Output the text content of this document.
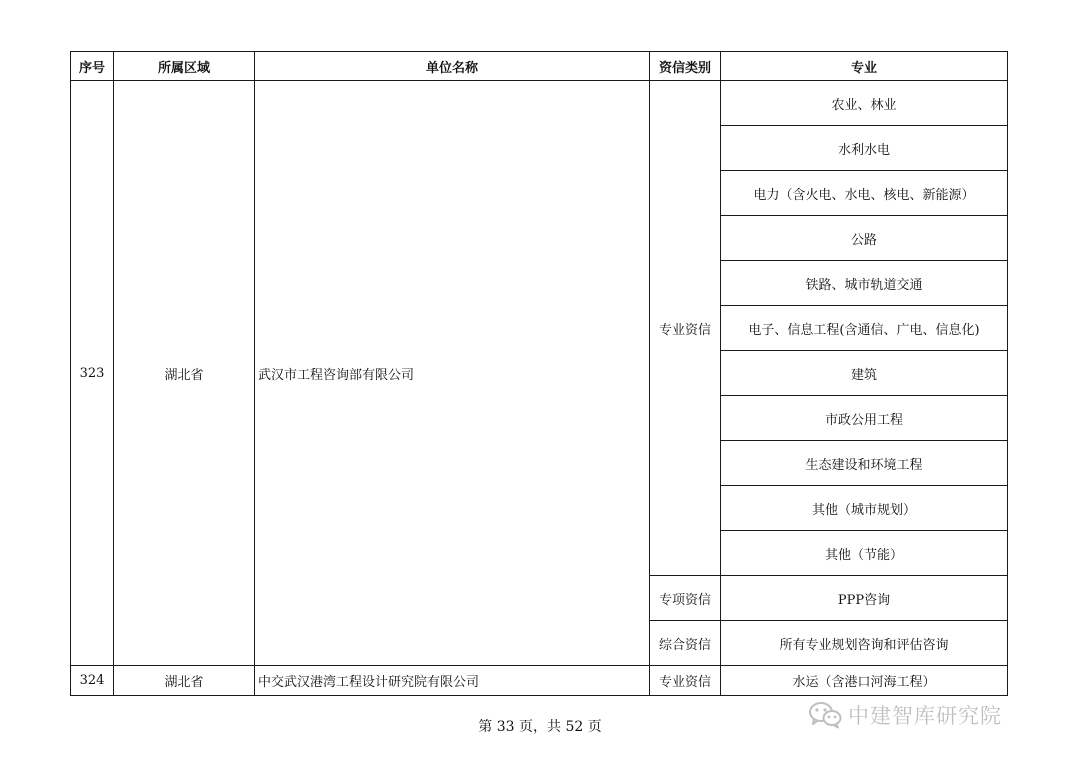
序号	所属区域	单位名称	资信类别	专业
323	湖北省	武汉市工程咨询部有限公司	专业资信	农业、林业
				水利水电
				电力（含火电、水电、核电、新能源）
				公路
				铁路、城市轨道交通
				电子、信息工程(含通信、广电、信息化)
				建筑
				市政公用工程
				生态建设和环境工程
				其他（城市规划）
				其他（节能）
			专项资信	PPP咨询
			综合资信	所有专业规划咨询和评估咨询
324	湖北省	中交武汉港湾工程设计研究院有限公司	专业资信	水运（含港口河海工程）
第 33 页，共 52 页	中建智库研究院
